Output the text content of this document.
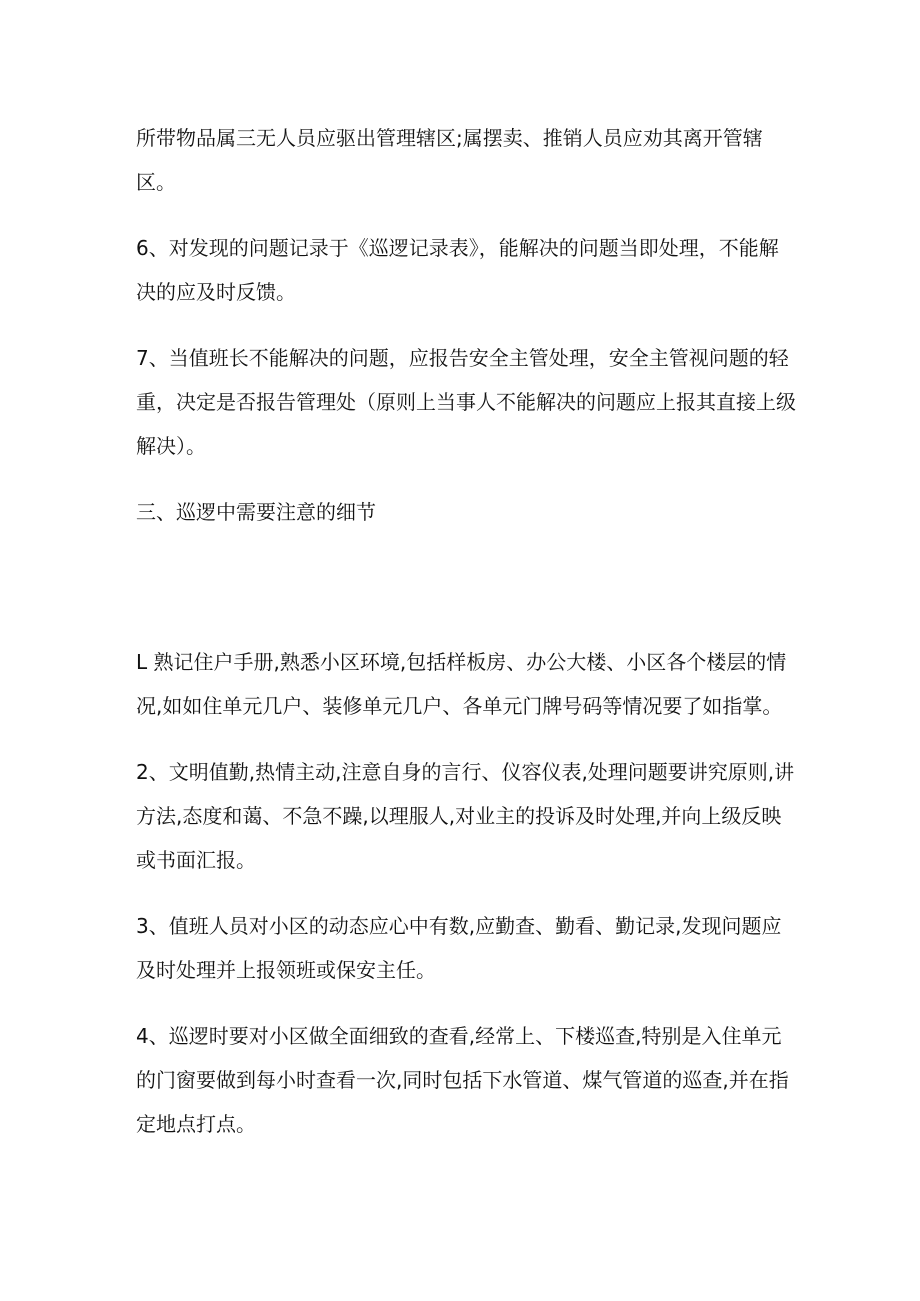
所带物品属三无人员应驱出管理辖区;属摆卖、推销人员应劝其离开管辖区。

6、对发现的问题记录于《巡逻记录表》，能解决的问题当即处理，不能解决的应及时反馈。

7、当值班长不能解决的问题，应报告安全主管处理，安全主管视问题的轻重，决定是否报告管理处（原则上当事人不能解决的问题应上报其直接上级解决）。

三、巡逻中需要注意的细节

L 熟记住户手册,熟悉小区环境,包括样板房、办公大楼、小区各个楼层的情况,如如住单元几户、装修单元几户、各单元门牌号码等情况要了如指掌。

2、文明值勤,热情主动,注意自身的言行、仪容仪表,处理问题要讲究原则,讲方法,态度和蔼、不急不躁,以理服人,对业主的投诉及时处理,并向上级反映或书面汇报。

3、值班人员对小区的动态应心中有数,应勤查、勤看、勤记录,发现问题应及时处理并上报领班或保安主任。

4、巡逻时要对小区做全面细致的查看,经常上、下楼巡查,特别是入住单元的门窗要做到每小时查看一次,同时包括下水管道、煤气管道的巡查,并在指定地点打点。
